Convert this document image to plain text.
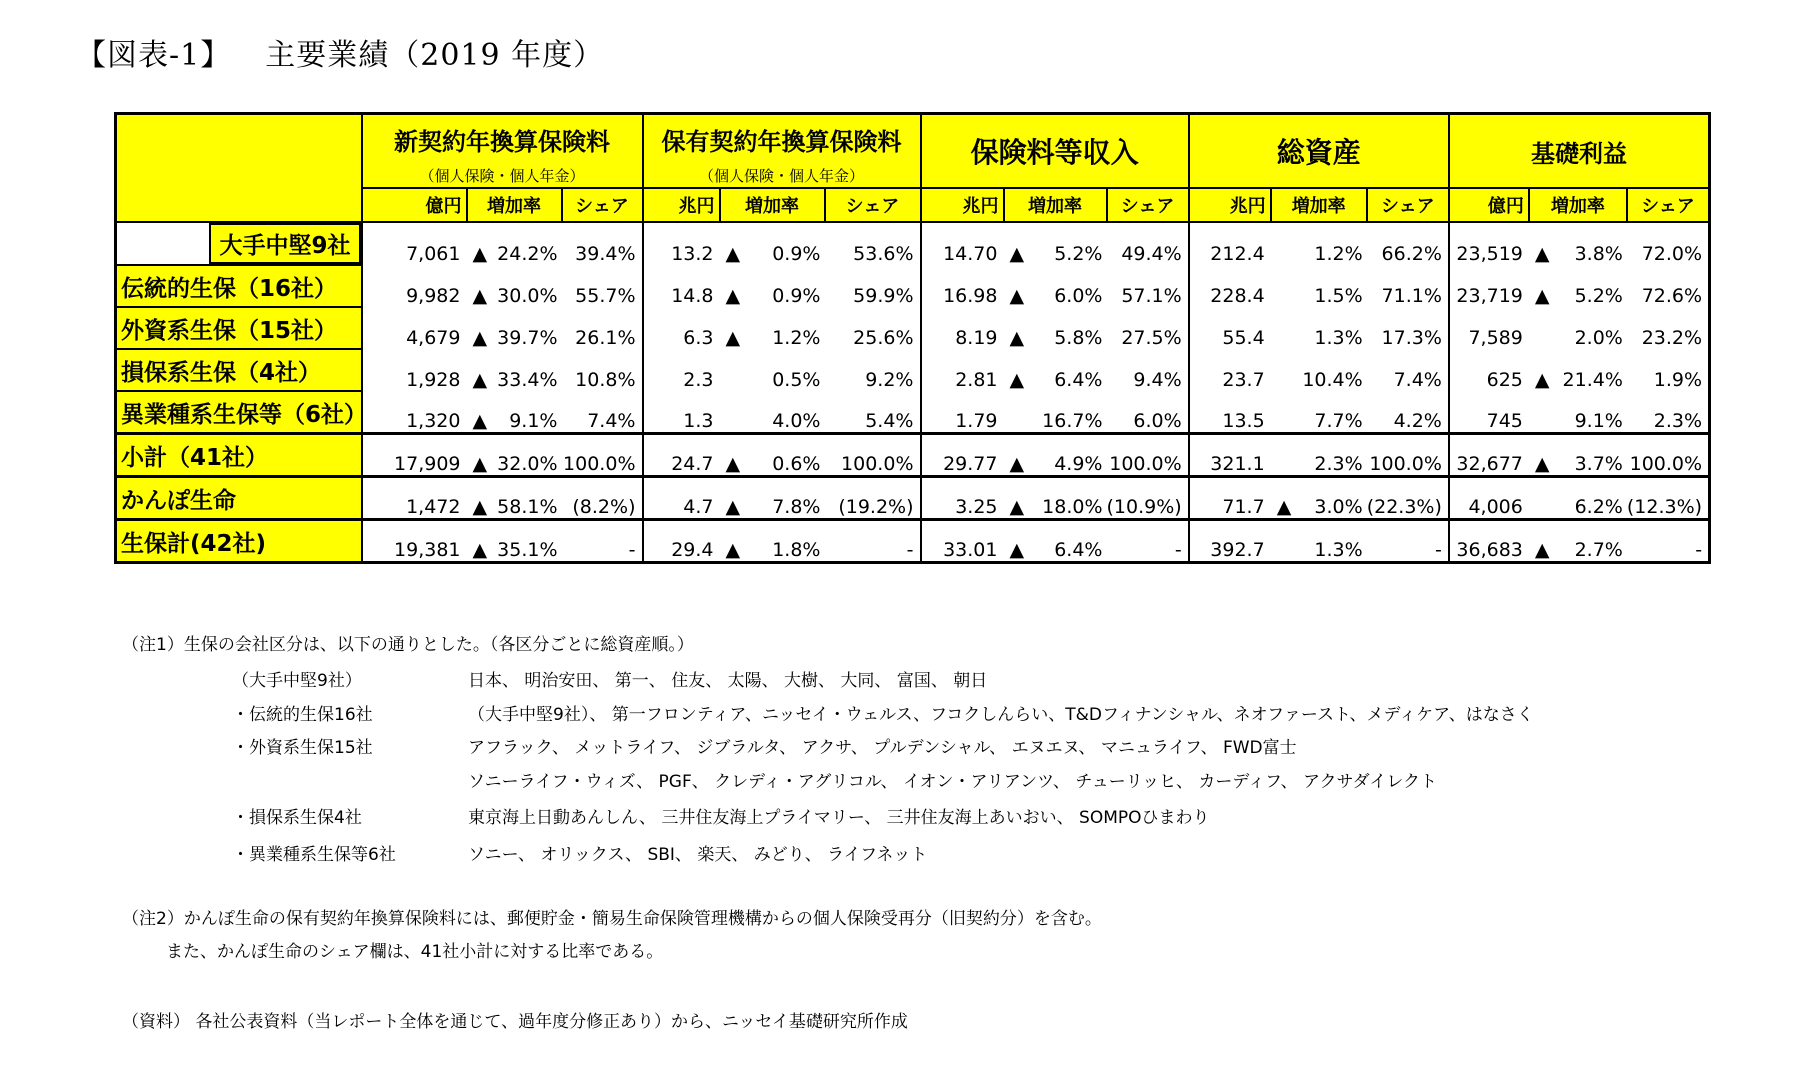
【図表-1】 主要業績（2019 年度）
	新契約年換算保険料			保有契約年換算保険料			保険料等収入			総資産			基礎利益		
	（個人保険・個人年金）			（個人保険・個人年金）											
	億円	増加率	シェア	兆円	増加率	シェア	兆円	増加率	シェア	兆円	増加率	シェア	億円	増加率	シェア
大手中堅9社	7,061	▲ 24.2%	39.4%	13.2	▲ 0.9%	53.6%	14.70	▲ 5.2%	49.4%	212.4	1.2%	66.2%	23,519	▲ 3.8%	72.0%
伝統的生保（16社）	9,982	▲ 30.0%	55.7%	14.8	▲ 0.9%	59.9%	16.98	▲ 6.0%	57.1%	228.4	1.5%	71.1%	23,719	▲ 5.2%	72.6%
外資系生保（15社）	4,679	▲ 39.7%	26.1%	6.3	▲ 1.2%	25.6%	8.19	▲ 5.8%	27.5%	55.4	1.3%	17.3%	7,589	2.0%	23.2%
損保系生保（4社）	1,928	▲ 33.4%	10.8%	2.3	0.5%	9.2%	2.81	▲ 6.4%	9.4%	23.7	10.4%	7.4%	625	▲ 21.4%	1.9%
異業種系生保等（6社）	1,320	▲ 9.1%	7.4%	1.3	4.0%	5.4%	1.79	16.7%	6.0%	13.5	7.7%	4.2%	745	9.1%	2.3%
小計（41社）	17,909	▲ 32.0%	100.0%	24.7	▲ 0.6%	100.0%	29.77	▲ 4.9%	100.0%	321.1	2.3%	100.0%	32,677	▲ 3.7%	100.0%
かんぽ生命	1,472	▲ 58.1%	(8.2%)	4.7	▲ 7.8%	(19.2%)	3.25	▲ 18.0%	(10.9%)	71.7	▲ 3.0%	(22.3%)	4,006	6.2%	(12.3%)
生保計(42社)	19,381	▲ 35.1%	-	29.4	▲ 1.8%	-	33.01	▲ 6.4%	-	392.7	1.3%	-	36,683	▲ 2.7%	-
（注1）生保の会社区分は、以下の通りとした。（各区分ごとに総資産順。）
（大手中堅9社）	日本、 明治安田、 第一、 住友、 太陽、 大樹、 大同、 富国、 朝日
・伝統的生保16社	（大手中堅9社）、 第一フロンティア、ニッセイ・ウェルス、フコクしんらい、T&Dフィナンシャル、ネオファースト、メディケア、はなさく
・外資系生保15社	アフラック、 メットライフ、 ジブラルタ、 アクサ、 プルデンシャル、 エヌエヌ、 マニュライフ、 FWD富士
ソニーライフ・ウィズ、 PGF、 クレディ・アグリコル、 イオン・アリアンツ、 チューリッヒ、 カーディフ、 アクサダイレクト
・損保系生保4社	東京海上日動あんしん、 三井住友海上プライマリー、 三井住友海上あいおい、 SOMPOひまわり
・異業種系生保等6社	ソニー、 オリックス、 SBI、 楽天、 みどり、 ライフネット
（注2）かんぽ生命の保有契約年換算保険料には、郵便貯金・簡易生命保険管理機構からの個人保険受再分（旧契約分）を含む。
また、かんぽ生命のシェア欄は、41社小計に対する比率である。
（資料） 各社公表資料（当レポート全体を通じて、過年度分修正あり）から、ニッセイ基礎研究所作成
